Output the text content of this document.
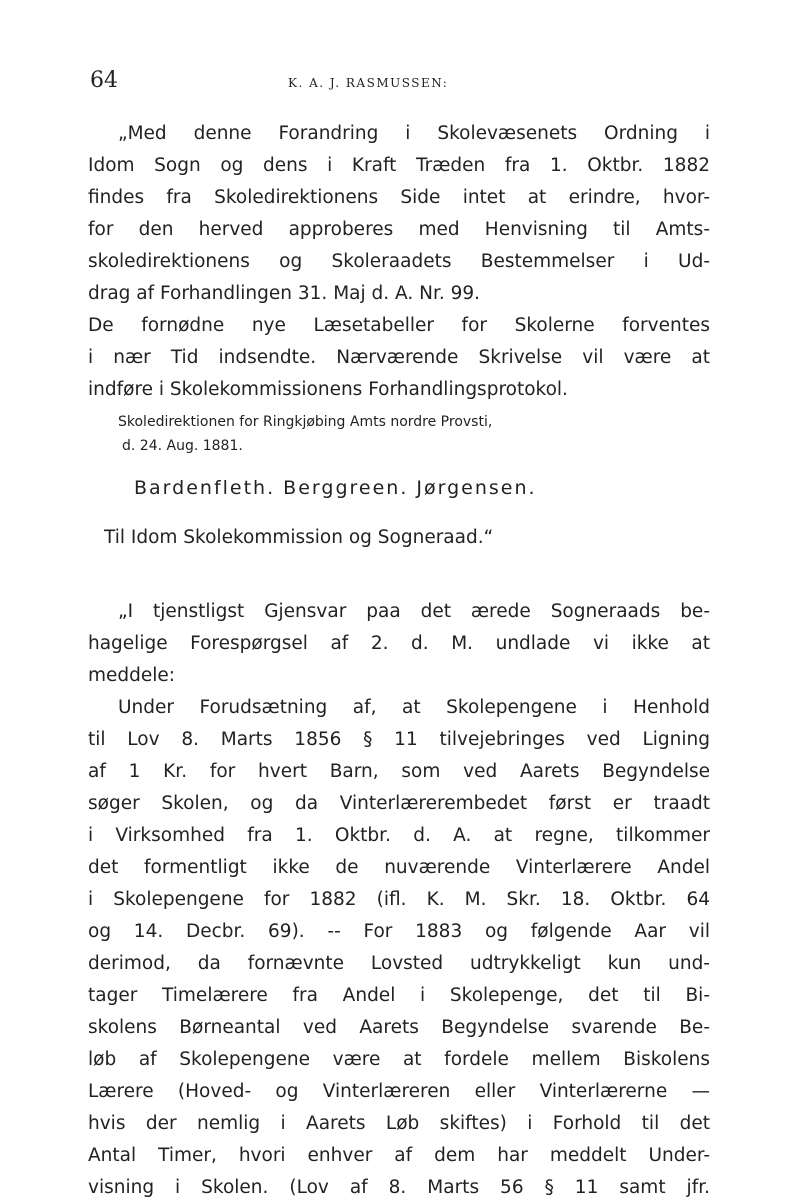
64	K. A. J. RASMUSSEN:
„Med denne Forandring i Skolevæsenets Ordning i
Idom Sogn og dens i Kraft Træden fra 1. Oktbr. 1882
findes fra Skoledirektionens Side intet at erindre, hvor-
for den herved approberes med Henvisning til Amts-
skoledirektionens og Skoleraadets Bestemmelser i Ud-
drag af Forhandlingen 31. Maj d. A. Nr. 99.
De fornødne nye Læsetabeller for Skolerne forventes
i nær Tid indsendte. Nærværende Skrivelse vil være at
indføre i Skolekommissionens Forhandlingsprotokol.
Skoledirektionen for Ringkjøbing Amts nordre Provsti,
d. 24. Aug. 1881.
Bardenfleth. Berggreen. Jørgensen.
Til Idom Skolekommission og Sogneraad.“
„I tjenstligst Gjensvar paa det ærede Sogneraads be-
hagelige Forespørgsel af 2. d. M. undlade vi ikke at
meddele:
Under Forudsætning af, at Skolepengene i Henhold
til Lov 8. Marts 1856 § 11 tilvejebringes ved Ligning
af 1 Kr. for hvert Barn, som ved Aarets Begyndelse
søger Skolen, og da Vinterlærerembedet først er traadt
i Virksomhed fra 1. Oktbr. d. A. at regne, tilkommer
det formentligt ikke de nuværende Vinterlærere Andel
i Skolepengene for 1882 (ifl. K. M. Skr. 18. Oktbr. 64
og 14. Decbr. 69). -- For 1883 og følgende Aar vil
derimod, da fornævnte Lovsted udtrykkeligt kun und-
tager Timelærere fra Andel i Skolepenge, det til Bi-
skolens Børneantal ved Aarets Begyndelse svarende Be-
løb af Skolepengene være at fordele mellem Biskolens
Lærere (Hoved- og Vinterlæreren eller Vinterlærerne —
hvis der nemlig i Aarets Løb skiftes) i Forhold til det
Antal Timer, hvori enhver af dem har meddelt Under-
visning i Skolen. (Lov af 8. Marts 56 § 11 samt jfr.
